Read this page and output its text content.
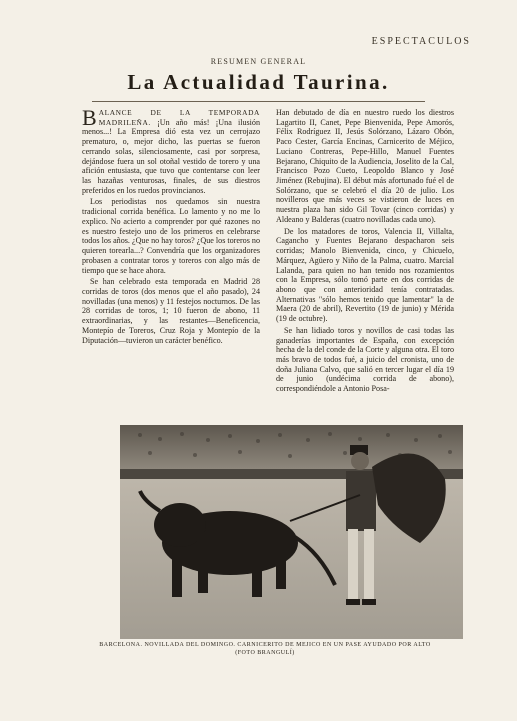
ESPECTACULOS
RESUMEN GENERAL
La Actualidad Taurina.

BALANCE DE LA TEMPORADA MADRILEÑA. ¡Un año más! ¡Una ilusión menos...! La Empresa dió esta vez un cerrojazo prematuro, o, mejor dicho, las puertas se fueron cerrando solas, silenciosamente, casi por sorpresa, dejándose fuera un sol otoñal vestido de torero y una afición entusiasta, que tuvo que contentarse con leer las hazañas venturosas, finales, de sus diestros preferidos en los ruedos provincianos.

Los periodistas nos quedamos sin nuestra tradicional corrida benéfica. Lo lamento y no me lo explico. No acierto a comprender por qué razones no es nuestro festejo uno de los primeros en celebrarse todos los años. ¿Que no hay toros? ¿Que los toreros no quieren torearla...? Convendría que los organizadores probasen a contratar toros y toreros con algo más de tiempo que se hace ahora.

Se han celebrado esta temporada en Madrid 28 corridas de toros (dos menos que el año pasado), 24 novilladas (una menos) y 11 festejos nocturnos. De las 28 corridas de toros, 1; 10 fueron de abono, 11 extraordinarias, y las restantes—Beneficencia, Montepío de Toreros, Cruz Roja y Montepío de la Diputación—tuvieron un carácter benéfico.

Han debutado de día en nuestro ruedo los diestros Lagartito II, Canet, Pepe Bienvenida, Pepe Amorós, Félix Rodríguez II, Jesús Solórzano, Lázaro Obón, Paco Cester, García Encinas, Carnicerito de Méjico, Luciano Contreras, Pepe-Hillo, Manuel Fuentes Bejarano, Chiquito de la Audiencia, Joselito de la Cal, Francisco Pozo Cueto, Leopoldo Blanco y José Jiménez (Rebujina). El début más afortunado fué el de Solórzano, que se celebró el día 20 de julio. Los novilleros que más veces se vistieron de luces en nuestra plaza han sido Gil Tovar (cinco corridas) y Aldeano y Balderas (cuatro novilladas cada uno).

De los matadores de toros, Valencia II, Villalta, Cagancho y Fuentes Bejarano despacharon seis corridas; Manolo Bienvenida, cinco, y Chicuelo, Márquez, Agüero y Niño de la Palma, cuatro. Marcial Lalanda, para quien no han tenido nos rozamientos con la Empresa, sólo tomó parte en dos corridas de abono que con anterioridad tenía contratadas. Alternativas "sólo hemos tenido que lamentar" la de Maera (20 de abril), Revertito (19 de junio) y Mérida (19 de octubre).

Se han lidiado toros y novillos de casi todas las ganaderías importantes de España, con excepción hecha de la del conde de la Corte y alguna otra. El toro más bravo de todos fué, a juicio del cronista, uno de doña Juliana Calvo, que salió en tercer lugar el día 19 de junio (undécima corrida de abono), correspondiéndole a Antonio Posa-

BARCELONA. NOVILLADA DEL DOMINGO. CARNICERITO DE MEJICO EN UN PASE AYUDADO POR ALTO
(FOTO BRANGULÍ)
